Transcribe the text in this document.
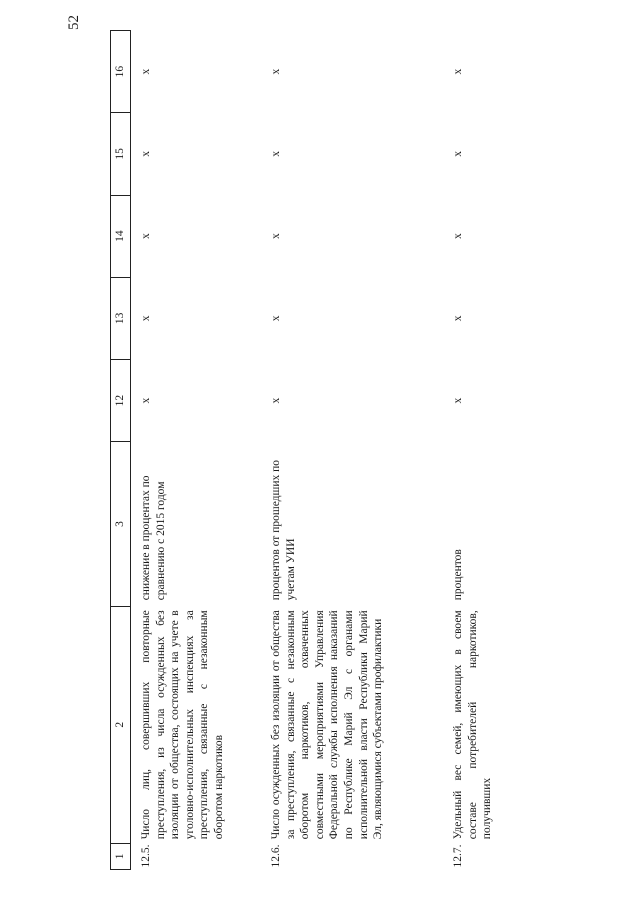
52
1	2	3	12	13	14	15	16
12.5.	Число лиц, совершивших повторные преступления, из числа осужденных без изоляции от общества, состоящих на учете в уголовно-исполнительных инспекциях за преступления, связанные с незаконным оборотом наркотиков	снижение в процентах по сравнению с 2015 годом	x	x	x	x	x
12.6.	Число осужденных без изоляции от общества за преступления, связанные с незаконным оборотом наркотиков, охваченных совместными мероприятиями Управления Федеральной службы исполнения наказаний по Республике Марий Эл с органами исполнительной власти Республики Марий Эл, являющимися субъектами профилактики	процентов от прошедших по учетам УИИ	x	x	x	x	x
12.7.	Удельный вес семей, имеющих в своем составе потребителей наркотиков, получивших	процентов	x	x	x	x	x
